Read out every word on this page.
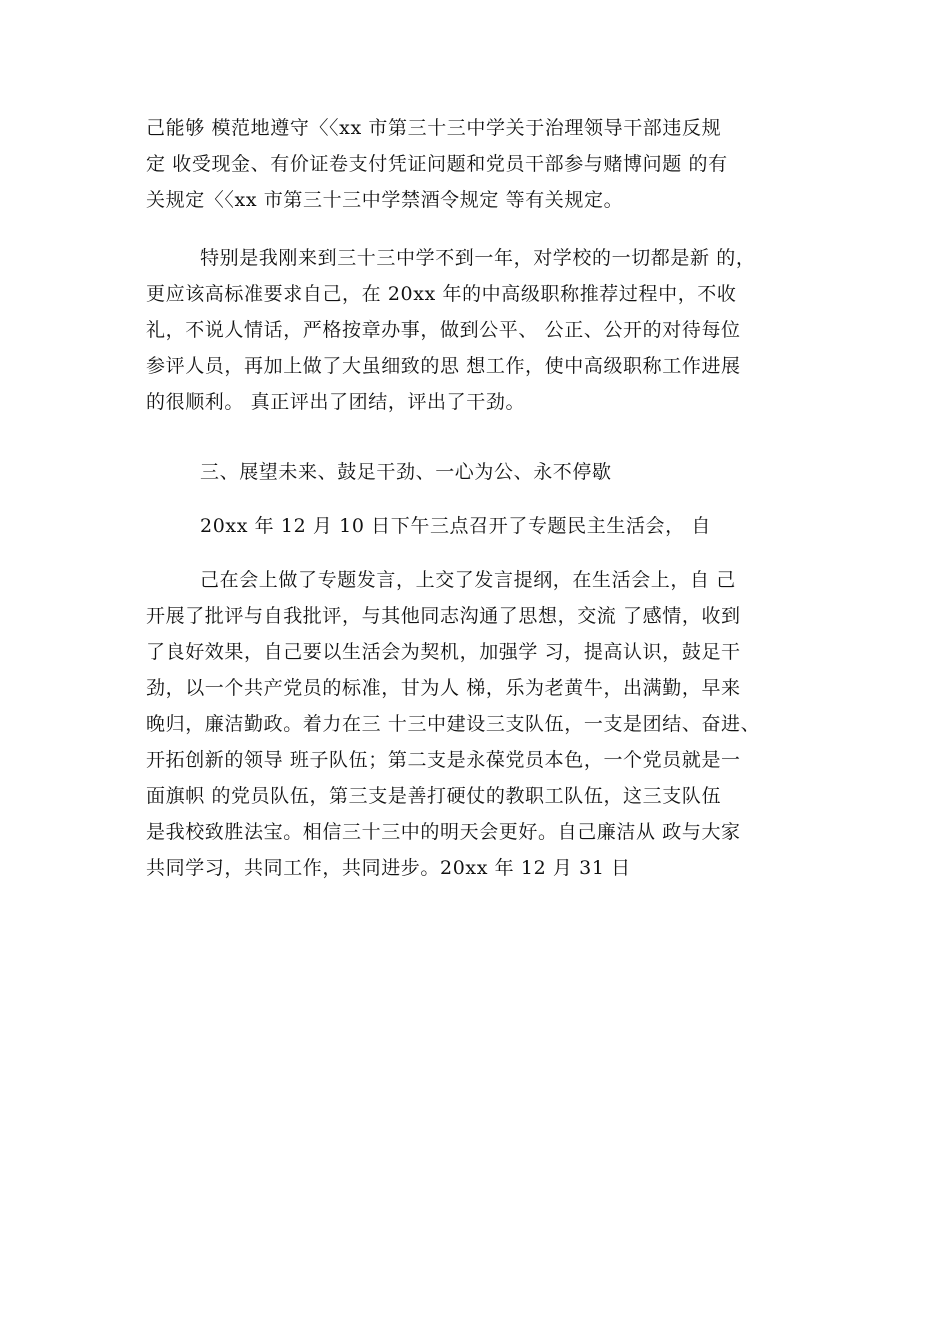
己能够 模范地遵守〈〈xx 市第三十三中学关于治理领导干部违反规
定 收受现金、有价证卷支付凭证问题和党员干部参与赌博问题 的有
关规定〈〈xx 市第三十三中学禁酒令规定 等有关规定。
特别是我刚来到三十三中学不到一年，对学校的一切都是新 的，
更应该高标准要求自己，在 20xx 年的中高级职称推荐过程中，不收
礼，不说人情话，严格按章办事，做到公平、 公正、公开的对待每位
参评人员，再加上做了大虽细致的思 想工作，使中高级职称工作进展
的很顺利。 真正评出了团结，评出了干劲。
三、展望未来、鼓足干劲、一心为公、永不停歇
20xx 年 12 月 10 日下午三点召开了专题民主生活会， 自
己在会上做了专题发言，上交了发言提纲，在生活会上，自 己
开展了批评与自我批评，与其他同志沟通了思想，交流 了感情，收到
了良好效果，自己要以生活会为契机，加强学 习，提高认识，鼓足干
劲，以一个共产党员的标准，甘为人 梯，乐为老黄牛，出满勤，早来
晚归，廉洁勤政。着力在三 十三中建设三支队伍，一支是团结、奋进、
开拓创新的领导 班子队伍；第二支是永葆党员本色，一个党员就是一
面旗帜 的党员队伍，第三支是善打硬仗的教职工队伍，这三支队伍
是我校致胜法宝。相信三十三中的明天会更好。自己廉洁从 政与大家
共同学习，共同工作，共同进步。20xx 年 12 月 31 日
